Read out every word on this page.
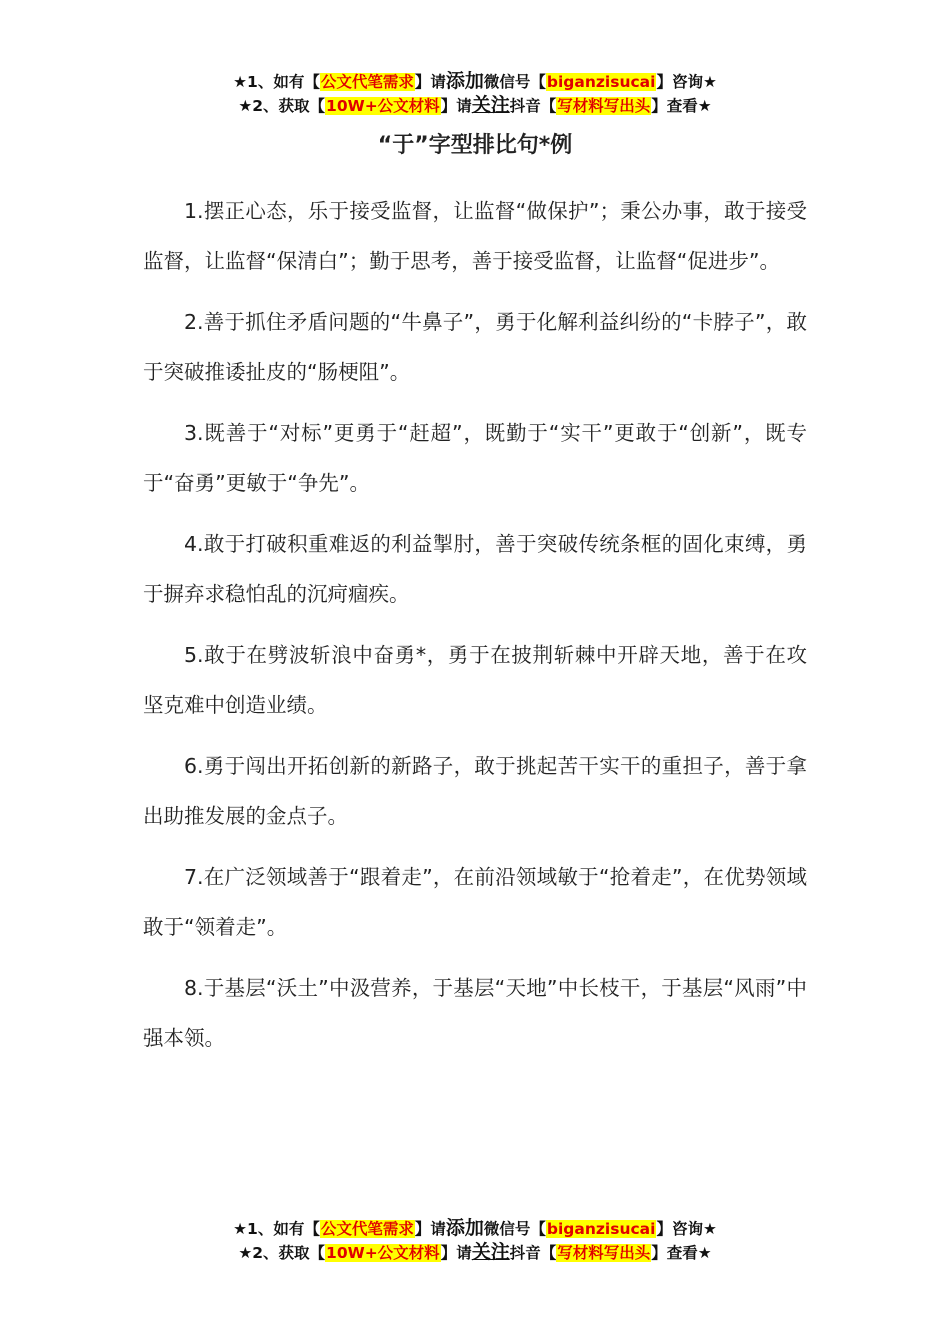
★1、如有【公文代笔需求】请添加微信号【biganzisucai】咨询★
★2、获取【10W+公文材料】请关注抖音【写材料写出头】查看★
“于”字型排比句*例

1.摆正心态，乐于接受监督，让监督“做保护”；秉公办事，敢于接受监督，让监督“保清白”；勤于思考，善于接受监督，让监督“促进步”。

2.善于抓住矛盾问题的“牛鼻子”，勇于化解利益纠纷的“卡脖子”，敢于突破推诿扯皮的“肠梗阻”。

3.既善于“对标”更勇于“赶超”，既勤于“实干”更敢于“创新”，既专于“奋勇”更敏于“争先”。

4.敢于打破积重难返的利益掣肘，善于突破传统条框的固化束缚，勇于摒弃求稳怕乱的沉疴痼疾。

5.敢于在劈波斩浪中奋勇*，勇于在披荆斩棘中开辟天地，善于在攻坚克难中创造业绩。

6.勇于闯出开拓创新的新路子，敢于挑起苦干实干的重担子，善于拿出助推发展的金点子。

7.在广泛领域善于“跟着走”，在前沿领域敏于“抢着走”，在优势领域敢于“领着走”。

8.于基层“沃土”中汲营养，于基层“天地”中长枝干，于基层“风雨”中强本领。

★1、如有【公文代笔需求】请添加微信号【biganzisucai】咨询★
★2、获取【10W+公文材料】请关注抖音【写材料写出头】查看★
